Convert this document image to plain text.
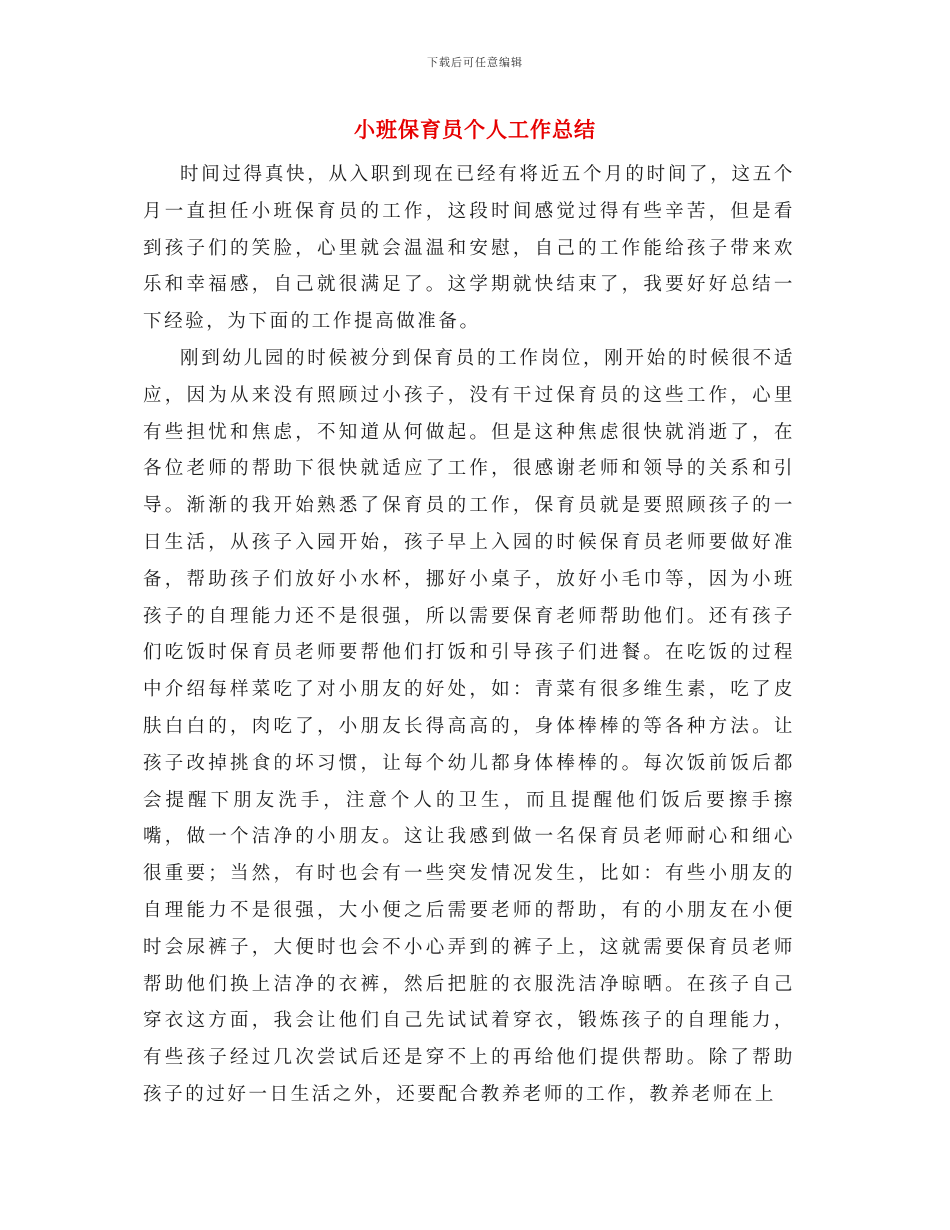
下载后可任意编辑
小班保育员个人工作总结

时间过得真快，从入职到现在已经有将近五个月的时间了，这五个月一直担任小班保育员的工作，这段时间感觉过得有些辛苦，但是看到孩子们的笑脸，心里就会温温和安慰，自己的工作能给孩子带来欢乐和幸福感，自己就很满足了。这学期就快结束了，我要好好总结一下经验，为下面的工作提高做准备。

刚到幼儿园的时候被分到保育员的工作岗位，刚开始的时候很不适应，因为从来没有照顾过小孩子，没有干过保育员的这些工作，心里有些担忧和焦虑，不知道从何做起。但是这种焦虑很快就消逝了，在各位老师的帮助下很快就适应了工作，很感谢老师和领导的关系和引导。渐渐的我开始熟悉了保育员的工作，保育员就是要照顾孩子的一日生活，从孩子入园开始，孩子早上入园的时候保育员老师要做好准备，帮助孩子们放好小水杯，挪好小桌子，放好小毛巾等，因为小班孩子的自理能力还不是很强，所以需要保育老师帮助他们。还有孩子们吃饭时保育员老师要帮他们打饭和引导孩子们进餐。在吃饭的过程中介绍每样菜吃了对小朋友的好处，如：青菜有很多维生素，吃了皮肤白白的，肉吃了，小朋友长得高高的，身体棒棒的等各种方法。让孩子改掉挑食的坏习惯，让每个幼儿都身体棒棒的。每次饭前饭后都会提醒下朋友洗手，注意个人的卫生，而且提醒他们饭后要擦手擦嘴，做一个洁净的小朋友。这让我感到做一名保育员老师耐心和细心很重要；当然，有时也会有一些突发情况发生，比如：有些小朋友的自理能力不是很强，大小便之后需要老师的帮助，有的小朋友在小便时会尿裤子，大便时也会不小心弄到的裤子上，这就需要保育员老师帮助他们换上洁净的衣裤，然后把脏的衣服洗洁净晾晒。在孩子自己穿衣这方面，我会让他们自己先试试着穿衣，锻炼孩子的自理能力，有些孩子经过几次尝试后还是穿不上的再给他们提供帮助。除了帮助孩子的过好一日生活之外，还要配合教养老师的工作，教养老师在上
